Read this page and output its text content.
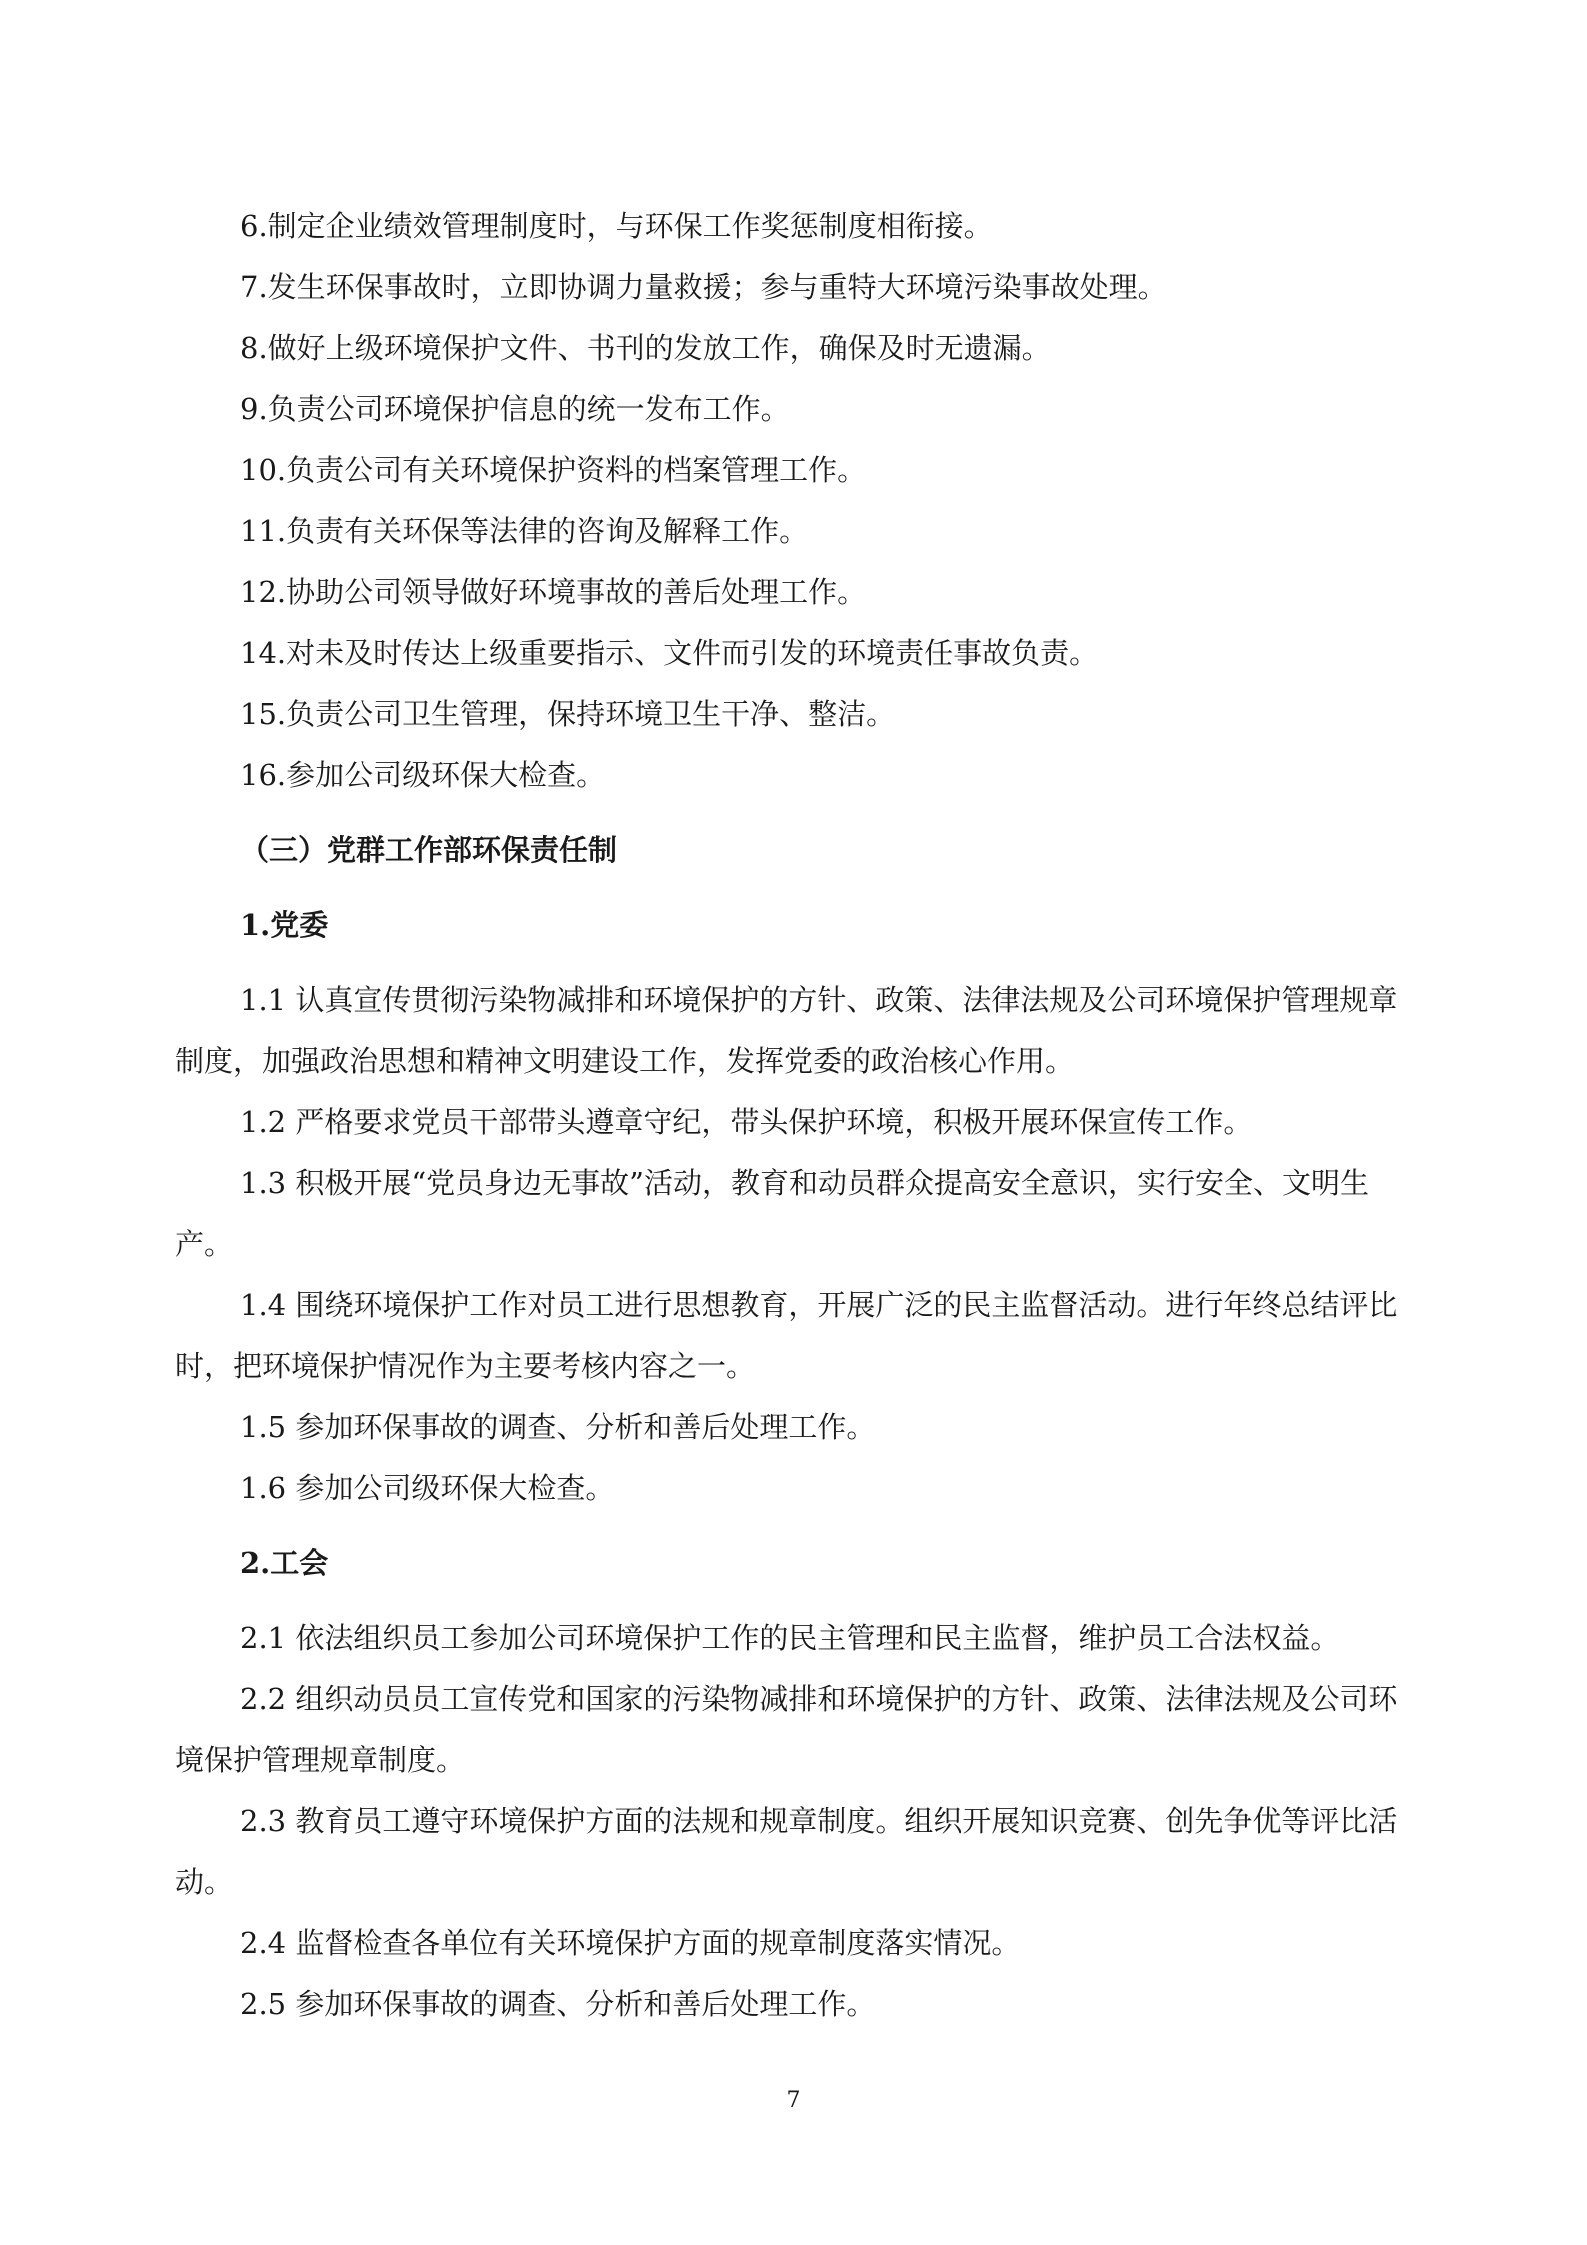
6.制定企业绩效管理制度时，与环保工作奖惩制度相衔接。

7.发生环保事故时，立即协调力量救援；参与重特大环境污染事故处理。

8.做好上级环境保护文件、书刊的发放工作，确保及时无遗漏。

9.负责公司环境保护信息的统一发布工作。

10.负责公司有关环境保护资料的档案管理工作。

11.负责有关环保等法律的咨询及解释工作。

12.协助公司领导做好环境事故的善后处理工作。

14.对未及时传达上级重要指示、文件而引发的环境责任事故负责。

15.负责公司卫生管理，保持环境卫生干净、整洁。

16.参加公司级环保大检查。

（三）党群工作部环保责任制

1.党委

1.1 认真宣传贯彻污染物减排和环境保护的方针、政策、法律法规及公司环境保护管理规章制度，加强政治思想和精神文明建设工作，发挥党委的政治核心作用。

1.2 严格要求党员干部带头遵章守纪，带头保护环境，积极开展环保宣传工作。

1.3 积极开展“党员身边无事故”活动，教育和动员群众提高安全意识，实行安全、文明生产。

1.4 围绕环境保护工作对员工进行思想教育，开展广泛的民主监督活动。进行年终总结评比时，把环境保护情况作为主要考核内容之一。

1.5 参加环保事故的调查、分析和善后处理工作。

1.6 参加公司级环保大检查。

2.工会

2.1 依法组织员工参加公司环境保护工作的民主管理和民主监督，维护员工合法权益。

2.2 组织动员员工宣传党和国家的污染物减排和环境保护的方针、政策、法律法规及公司环境保护管理规章制度。

2.3 教育员工遵守环境保护方面的法规和规章制度。组织开展知识竞赛、创先争优等评比活动。

2.4 监督检查各单位有关环境保护方面的规章制度落实情况。

2.5 参加环保事故的调查、分析和善后处理工作。

7
